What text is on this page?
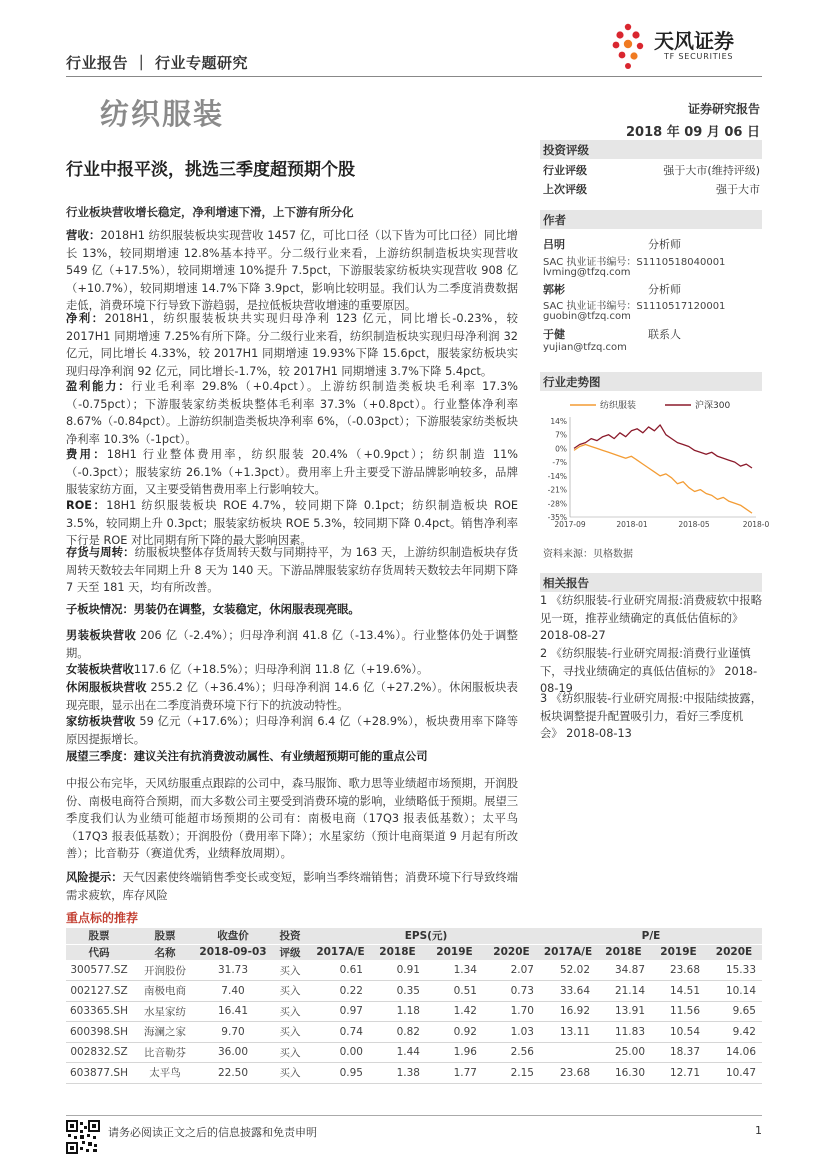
行业报告 ｜ 行业专题研究
天风证券
TF SECURITIES
纺织服装	证券研究报告
2018 年 09 月 06 日
行业中报平淡，挑选三季度超预期个股
行业板块营收增长稳定，净利增速下滑，上下游有所分化
营收：2018H1 纺织服装板块实现营收 1457 亿，可比口径（以下皆为可比口径）同比增长 13%，较同期增速 12.8%基本持平。分二级行业来看，上游纺织制造板块实现营收 549 亿（+17.5%），较同期增速 10%提升 7.5pct，下游服装家纺板块实现营收 908 亿（+10.7%），较同期增速 14.7%下降 3.9pct，影响比较明显。我们认为二季度消费数据走低，消费环境下行导致下游趋弱，是拉低板块营收增速的重要原因。
净利：2018H1，纺织服装板块共实现归母净利 123 亿元，同比增长-0.23%，较 2017H1 同期增速 7.25%有所下降。分二级行业来看，纺织制造板块实现归母净利润 32 亿元，同比增长 4.33%，较 2017H1 同期增速 19.93%下降 15.6pct，服装家纺板块实现归母净利润 92 亿元，同比增长-1.7%，较 2017H1 同期增速 3.7%下降 5.4pct。
盈利能力：行业毛利率 29.8%（+0.4pct）。上游纺织制造类板块毛利率 17.3%（-0.75pct）；下游服装家纺类板块整体毛利率 37.3%（+0.8pct）。行业整体净利率 8.67%（-0.84pct）。上游纺织制造类板块净利率 6%，（-0.03pct）；下游服装家纺类板块净利率 10.3%（-1pct）。
费用：18H1 行业整体费用率，纺织服装 20.4%（+0.9pct）；纺织制造 11%（-0.3pct）；服装家纺 26.1%（+1.3pct）。费用率上升主要受下游品牌影响较多，品牌服装家纺方面，又主要受销售费用率上行影响较大。
ROE：18H1 纺织服装板块 ROE 4.7%，较同期下降 0.1pct；纺织制造板块 ROE 3.5%，较同期上升 0.3pct；服装家纺板块 ROE 5.3%，较同期下降 0.4pct。销售净利率下行是 ROE 对比同期有所下降的最大影响因素。
存货与周转：纺服板块整体存货周转天数与同期持平，为 163 天，上游纺织制造板块存货周转天数较去年同期上升 8 天为 140 天。下游品牌服装家纺存货周转天数较去年同期下降 7 天至 181 天，均有所改善。
子板块情况：男装仍在调整，女装稳定，休闲服表现亮眼。
男装板块营收 206 亿（-2.4%）；归母净利润 41.8 亿（-13.4%）。行业整体仍处于调整期。
女装板块营收117.6 亿（+18.5%）；归母净利润 11.8 亿（+19.6%）。
休闲服板块营收 255.2 亿（+36.4%）；归母净利润 14.6 亿（+27.2%）。休闲服板块表现亮眼，显示出在二季度消费环境下行下的抗波动特性。
家纺板块营收 59 亿元（+17.6%）；归母净利润 6.4 亿（+28.9%），板块费用率下降等原因提振增长。
展望三季度：建议关注有抗消费波动属性、有业绩超预期可能的重点公司
中报公布完毕，天风纺服重点跟踪的公司中，森马服饰、歌力思等业绩超市场预期，开润股份、南极电商符合预期，而大多数公司主要受到消费环境的影响，业绩略低于预期。展望三季度我们认为业绩可能超市场预期的公司有：南极电商（17Q3 报表低基数）；太平鸟（17Q3 报表低基数）；开润股份（费用率下降）；水星家纺（预计电商渠道 9 月起有所改善）；比音勒芬（赛道优秀，业绩释放周期）。
风险提示：天气因素使终端销售季变长或变短，影响当季终端销售；消费环境下行导致终端需求疲软，库存风险
投资评级
行业评级	强于大市(维持评级)
上次评级	强于大市
作者
吕明	分析师
SAC 执业证书编号：S1110518040001
lvming@tfzq.com
郭彬	分析师
SAC 执业证书编号：S1110517120001
guobin@tfzq.com
于健	联系人
yujian@tfzq.com
行业走势图
纺织服装	沪深300
14%
7%
0%
-7%
-14%
-21%
-28%
-35%
2017-09	2018-01	2018-05	2018-0
资料来源：贝格数据
相关报告
1 《纺织服装-行业研究周报:消费疲软中报略见一斑，推荐业绩确定的真低估值标的》 2018-08-27
2 《纺织服装-行业研究周报:消费行业谨慎下，寻找业绩确定的真低估值标的》 2018-08-19
3 《纺织服装-行业研究周报:中报陆续披露，板块调整提升配置吸引力，看好三季度机会》 2018-08-13
重点标的推荐
股票	股票	收盘价	投资	EPS(元)				P/E			
代码	名称	2018-09-03	评级	2017A/E	2018E	2019E	2020E	2017A/E	2018E	2019E	2020E
300577.SZ	开润股份	31.73	买入	0.61	0.91	1.34	2.07	52.02	34.87	23.68	15.33
002127.SZ	南极电商	7.40	买入	0.22	0.35	0.51	0.73	33.64	21.14	14.51	10.14
603365.SH	水星家纺	16.41	买入	0.97	1.18	1.42	1.70	16.92	13.91	11.56	9.65
600398.SH	海澜之家	9.70	买入	0.74	0.82	0.92	1.03	13.11	11.83	10.54	9.42
002832.SZ	比音勒芬	36.00	买入	0.00	1.44	1.96	2.56		25.00	18.37	14.06
603877.SH	太平鸟	22.50	买入	0.95	1.38	1.77	2.15	23.68	16.30	12.71	10.47
请务必阅读正文之后的信息披露和免责申明	1
